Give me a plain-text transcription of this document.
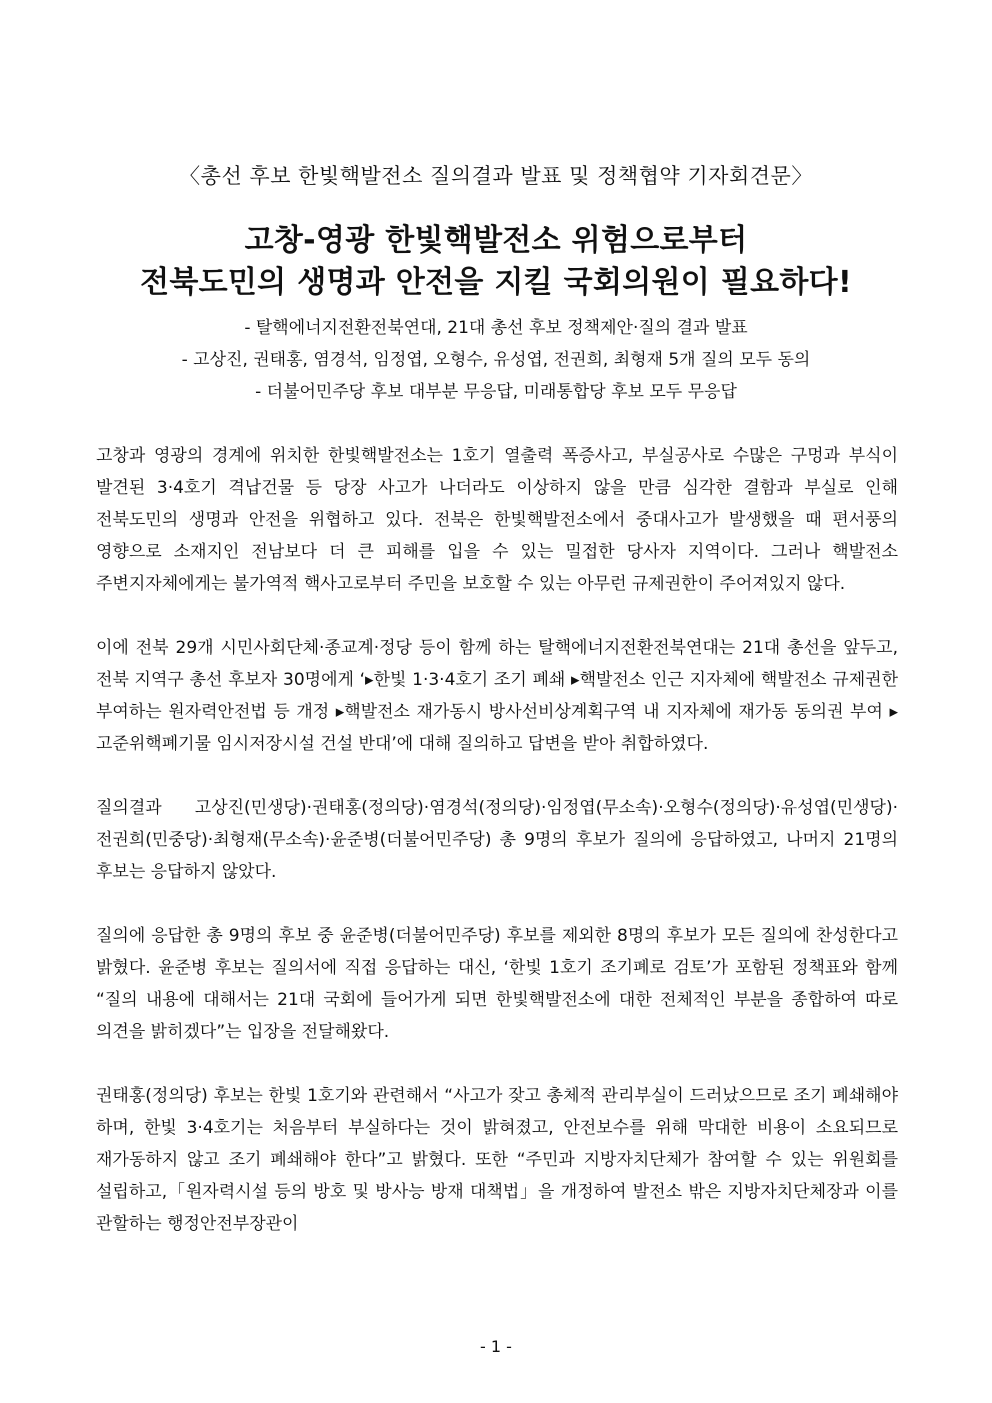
〈총선 후보 한빛핵발전소 질의결과 발표 및 정책협약 기자회견문〉
고창-영광 한빛핵발전소 위험으로부터
전북도민의 생명과 안전을 지킬 국회의원이 필요하다!
- 탈핵에너지전환전북연대, 21대 총선 후보 정책제안·질의 결과 발표
- 고상진, 권태홍, 염경석, 임정엽, 오형수, 유성엽, 전권희, 최형재 5개 질의 모두 동의
- 더불어민주당 후보 대부분 무응답, 미래통합당 후보 모두 무응답

고창과 영광의 경계에 위치한 한빛핵발전소는 1호기 열출력 폭증사고, 부실공사로 수많은 구멍과 부식이 발견된 3·4호기 격납건물 등 당장 사고가 나더라도 이상하지 않을 만큼 심각한 결함과 부실로 인해 전북도민의 생명과 안전을 위협하고 있다. 전북은 한빛핵발전소에서 중대사고가 발생했을 때 편서풍의 영향으로 소재지인 전남보다 더 큰 피해를 입을 수 있는 밀접한 당사자 지역이다. 그러나 핵발전소 주변지자체에게는 불가역적 핵사고로부터 주민을 보호할 수 있는 아무런 규제권한이 주어져있지 않다.

이에 전북 29개 시민사회단체·종교계·정당 등이 함께 하는 탈핵에너지전환전북연대는 21대 총선을 앞두고, 전북 지역구 총선 후보자 30명에게 ‘▸한빛 1·3·4호기 조기 폐쇄 ▸핵발전소 인근 지자체에 핵발전소 규제권한 부여하는 원자력안전법 등 개정 ▸핵발전소 재가동시 방사선비상계획구역 내 지자체에 재가동 동의권 부여 ▸고준위핵폐기물 임시저장시설 건설 반대’에 대해 질의하고 답변을 받아 취합하였다.

질의결과 고상진(민생당)·권태홍(정의당)·염경석(정의당)·임정엽(무소속)·오형수(정의당)·유성엽(민생당)·전권희(민중당)·최형재(무소속)·윤준병(더불어민주당) 총 9명의 후보가 질의에 응답하였고, 나머지 21명의 후보는 응답하지 않았다.

질의에 응답한 총 9명의 후보 중 윤준병(더불어민주당) 후보를 제외한 8명의 후보가 모든 질의에 찬성한다고 밝혔다. 윤준병 후보는 질의서에 직접 응답하는 대신, ‘한빛 1호기 조기폐로 검토’가 포함된 정책표와 함께 “질의 내용에 대해서는 21대 국회에 들어가게 되면 한빛핵발전소에 대한 전체적인 부분을 종합하여 따로 의견을 밝히겠다”는 입장을 전달해왔다.

권태홍(정의당) 후보는 한빛 1호기와 관련해서 “사고가 잦고 총체적 관리부실이 드러났으므로 조기 폐쇄해야 하며, 한빛 3·4호기는 처음부터 부실하다는 것이 밝혀졌고, 안전보수를 위해 막대한 비용이 소요되므로 재가동하지 않고 조기 폐쇄해야 한다”고 밝혔다. 또한 “주민과 지방자치단체가 참여할 수 있는 위원회를 설립하고,「원자력시설 등의 방호 및 방사능 방재 대책법」을 개정하여 발전소 밖은 지방자치단체장과 이를 관할하는 행정안전부장관이

- 1 -
